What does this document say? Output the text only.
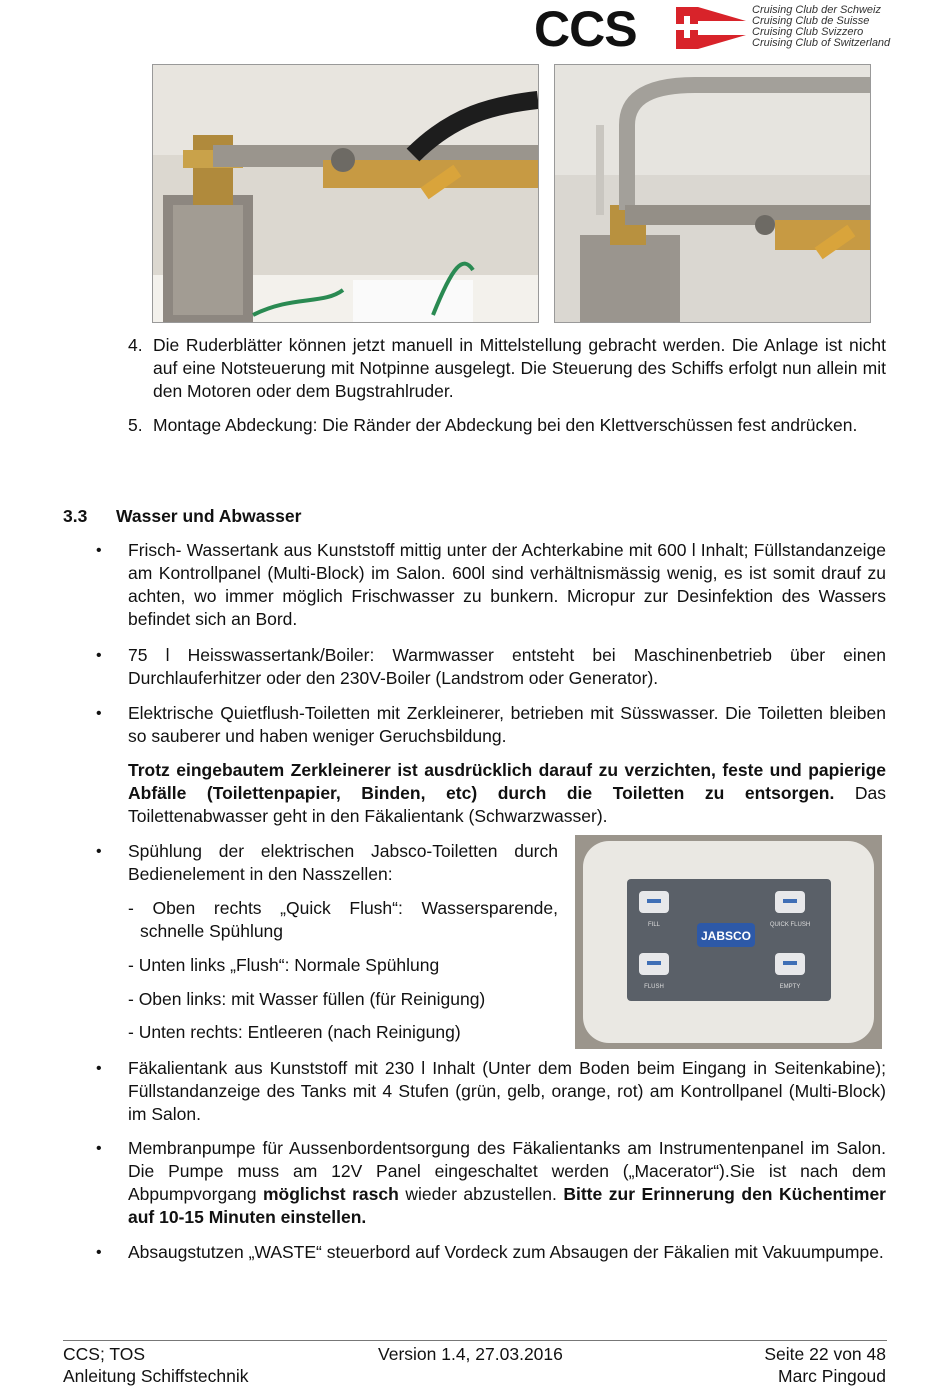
CCS	Cruising Club der Schweiz
Cruising Club de Suisse
Cruising Club Svizzero
Cruising Club of Switzerland
4. Die Ruderblätter können jetzt manuell in Mittelstellung gebracht werden. Die Anlage ist nicht auf eine Notsteuerung mit Notpinne ausgelegt. Die Steuerung des Schiffs erfolgt nun allein mit den Motoren oder dem Bugstrahlruder.
5. Montage Abdeckung: Die Ränder der Abdeckung bei den Klettverschüssen fest andrücken.
3.3 Wasser und Abwasser
• Frisch- Wassertank aus Kunststoff mittig unter der Achterkabine mit 600 l Inhalt; Füllstandanzeige am Kontrollpanel (Multi-Block) im Salon. 600l sind verhältnismässig wenig, es ist somit drauf zu achten, wo immer möglich Frischwasser zu bunkern. Micropur zur Desinfektion des Wassers befindet sich an Bord.
• 75 l Heisswassertank/Boiler: Warmwasser entsteht bei Maschinenbetrieb über einen Durchlauferhitzer oder den 230V-Boiler (Landstrom oder Generator).
• Elektrische Quietflush-Toiletten mit Zerkleinerer, betrieben mit Süsswasser. Die Toiletten bleiben so sauberer und haben weniger Geruchsbildung.
Trotz eingebautem Zerkleinerer ist ausdrücklich darauf zu verzichten, feste und papierige Abfälle (Toilettenpapier, Binden, etc) durch die Toiletten zu entsorgen. Das Toilettenabwasser geht in den Fäkalientank (Schwarzwasser).
• Spühlung der elektrischen Jabsco-Toiletten durch Bedienelement in den Nasszellen:
- Oben rechts „Quick Flush“: Wassersparende, schnelle Spühlung
- Unten links „Flush“: Normale Spühlung
- Oben links: mit Wasser füllen (für Reinigung)
- Unten rechts: Entleeren (nach Reinigung)
JABSCO
FILL	QUICK FLUSH
FLUSH	EMPTY
• Fäkalientank aus Kunststoff mit 230 l Inhalt (Unter dem Boden beim Eingang in Seitenkabine); Füllstandanzeige des Tanks mit 4 Stufen (grün, gelb, orange, rot) am Kontrollpanel (Multi-Block) im Salon.
• Membranpumpe für Aussenbordentsorgung des Fäkalientanks am Instrumentenpanel im Salon. Die Pumpe muss am 12V Panel eingeschaltet werden („Macerator“).Sie ist nach dem Abpumpvorgang möglichst rasch wieder abzustellen. Bitte zur Erinnerung den Küchentimer auf 10-15 Minuten einstellen.
• Absaugstutzen „WASTE“ steuerbord auf Vordeck zum Absaugen der Fäkalien mit Vakuumpumpe.
CCS; TOS
Anleitung Schiffstechnik
Version 1.4, 27.03.2016	Seite 22 von 48
Marc Pingoud
